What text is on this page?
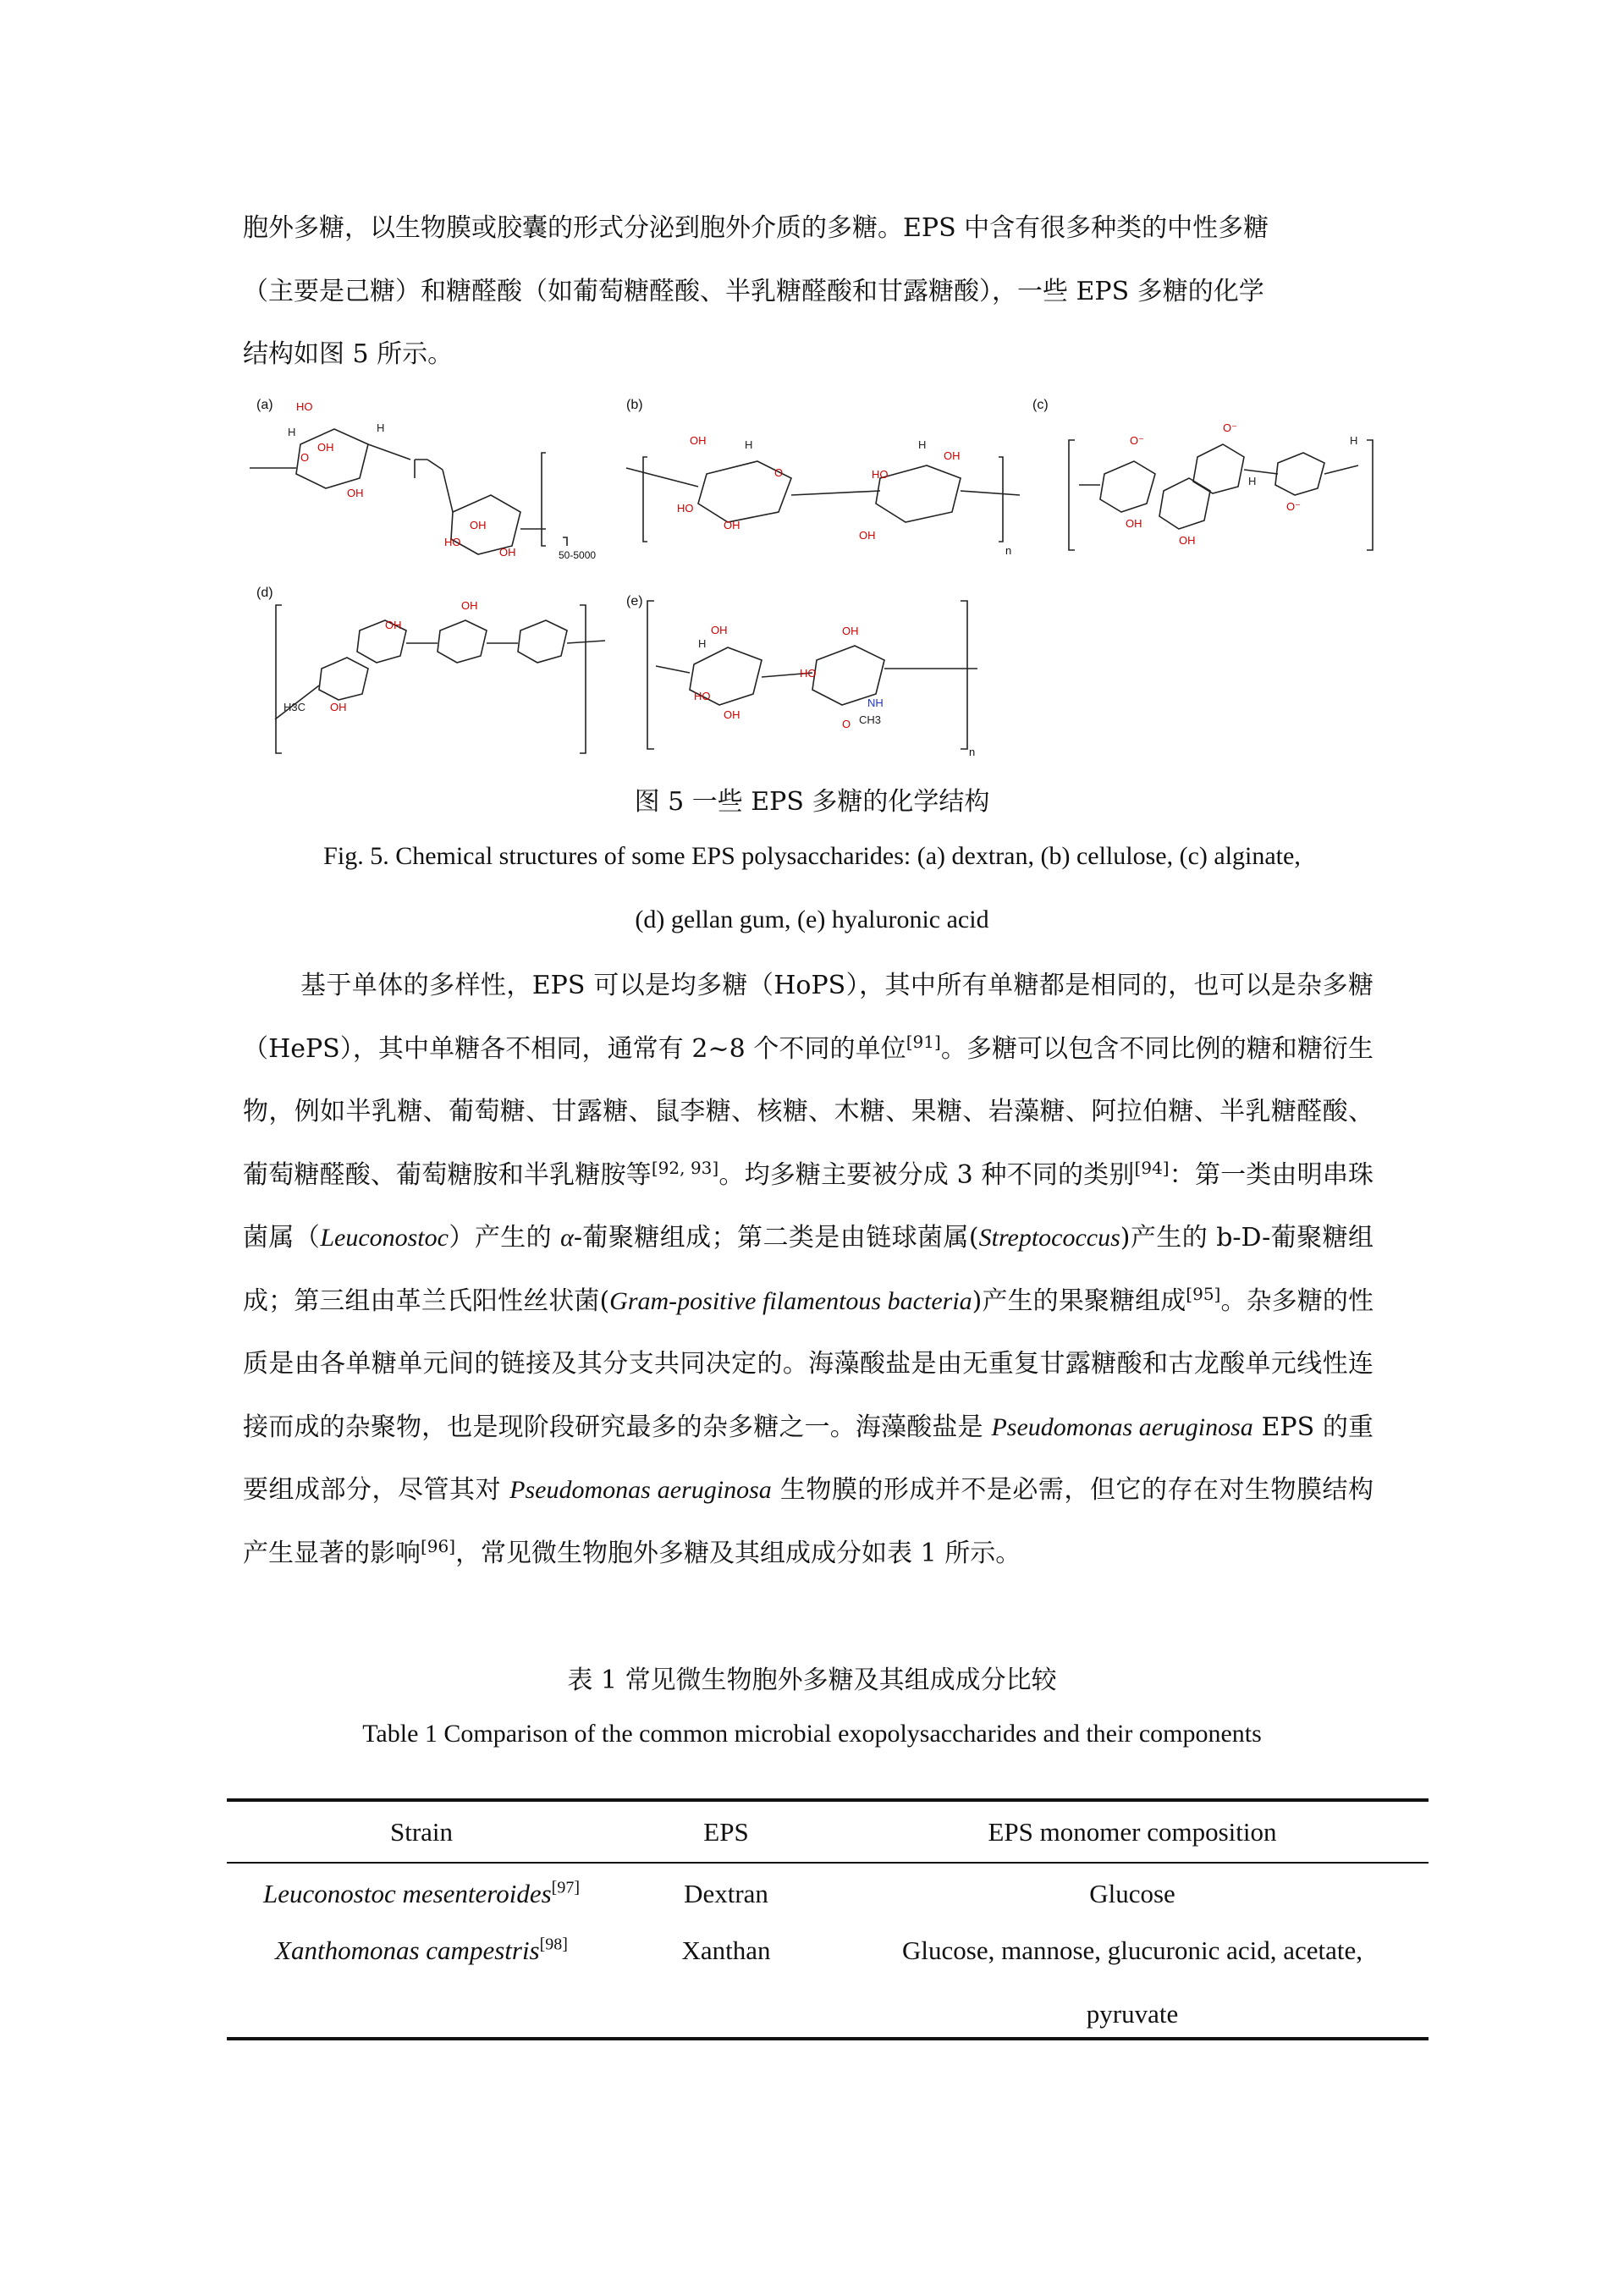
胞外多糖，以生物膜或胶囊的形式分泌到胞外介质的多糖。EPS 中含有很多种类的中性多糖

（主要是己糖）和糖醛酸（如葡萄糖醛酸、半乳糖醛酸和甘露糖酸），一些 EPS 多糖的化学

结构如图 5 所示。

HO
OH
OH
O
OH
HO
OH
OH
HO
O
OH
HO
OH
OH
O⁻
O⁻
OH
OH
O⁻
OH
OH
OH
OH
HO
OH
OH
HO
O
H	H
H	H
H
H3C
H
CH3
H
NH
(a)	(b)	(c)
(d)
(e)
50-5000	n
n
图 5 一些 EPS 多糖的化学结构
Fig. 5. Chemical structures of some EPS polysaccharides: (a) dextran, (b) cellulose, (c) alginate,
(d) gellan gum, (e) hyaluronic acid

基于单体的多样性，EPS 可以是均多糖（HoPS），其中所有单糖都是相同的，也可以是杂多糖（HePS），其中单糖各不相同，通常有 2~8 个不同的单位[91]。多糖可以包含不同比例的糖和糖衍生物，例如半乳糖、葡萄糖、甘露糖、鼠李糖、核糖、木糖、果糖、岩藻糖、阿拉伯糖、半乳糖醛酸、葡萄糖醛酸、葡萄糖胺和半乳糖胺等[92, 93]。均多糖主要被分成 3 种不同的类别[94]：第一类由明串珠菌属（Leuconostoc）产生的 α-葡聚糖组成；第二类是由链球菌属(Streptococcus)产生的 b-D-葡聚糖组成；第三组由革兰氏阳性丝状菌(Gram-positive filamentous bacteria)产生的果聚糖组成[95]。杂多糖的性质是由各单糖单元间的链接及其分支共同决定的。海藻酸盐是由无重复甘露糖酸和古龙酸单元线性连接而成的杂聚物，也是现阶段研究最多的杂多糖之一。海藻酸盐是 Pseudomonas aeruginosa EPS 的重要组成部分，尽管其对 Pseudomonas aeruginosa 生物膜的形成并不是必需，但它的存在对生物膜结构产生显著的影响[96]，常见微生物胞外多糖及其组成成分如表 1 所示。

表 1 常见微生物胞外多糖及其组成成分比较
Table 1 Comparison of the common microbial exopolysaccharides and their components
Strain	EPS	EPS monomer composition
Leuconostoc mesenteroides[97]	Dextran	Glucose
Xanthomonas campestris[98]	Xanthan	Glucose, mannose, glucuronic acid, acetate,
pyruvate
